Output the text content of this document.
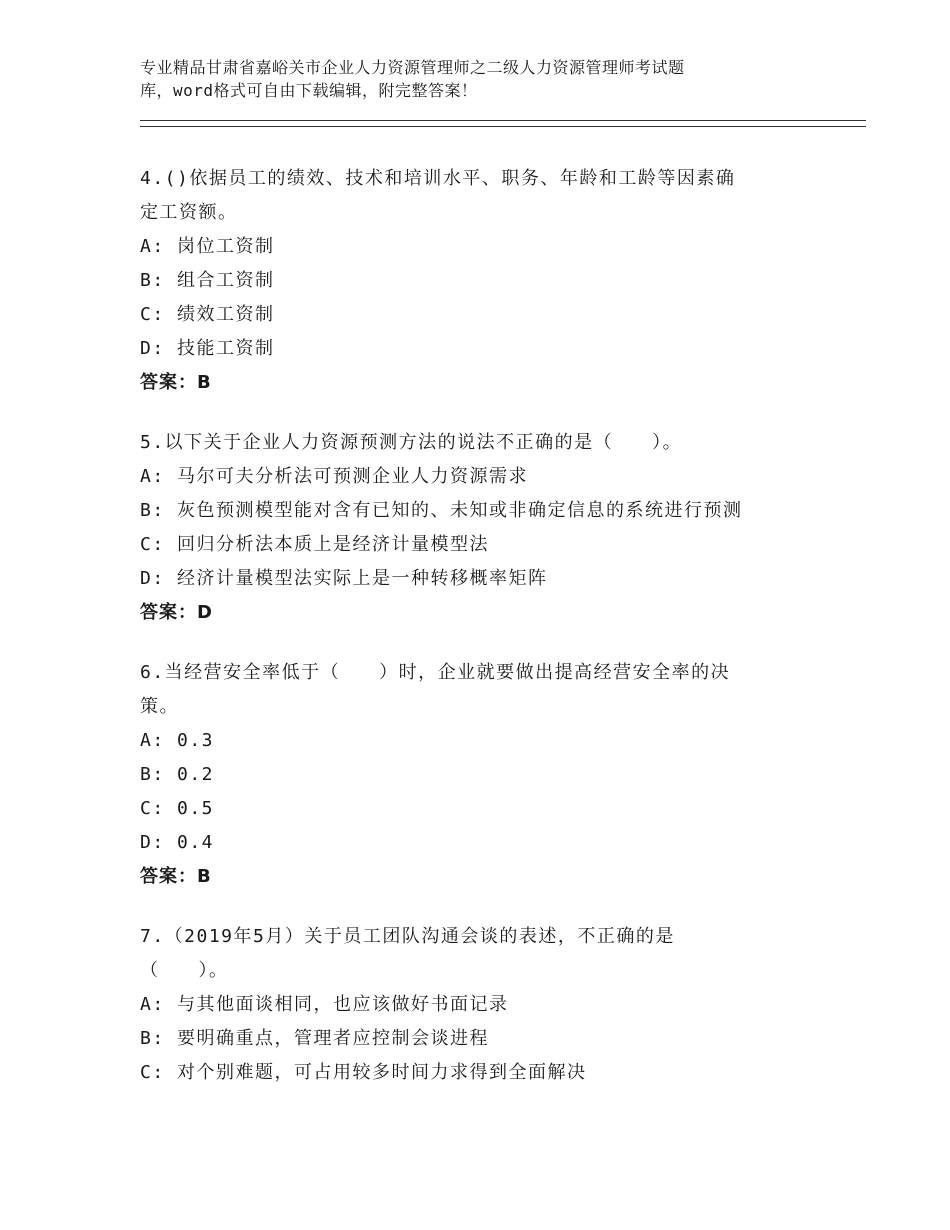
专业精品甘肃省嘉峪关市企业人力资源管理师之二级人力资源管理师考试题
库，word格式可自由下载编辑，附完整答案！
4.()依据员工的绩效、技术和培训水平、职务、年龄和工龄等因素确
定工资额。
A: 岗位工资制
B: 组合工资制
C: 绩效工资制
D: 技能工资制
答案：B
5.以下关于企业人力资源预测方法的说法不正确的是（　　）。
A: 马尔可夫分析法可预测企业人力资源需求
B: 灰色预测模型能对含有已知的、未知或非确定信息的系统进行预测
C: 回归分析法本质上是经济计量模型法
D: 经济计量模型法实际上是一种转移概率矩阵
答案：D
6.当经营安全率低于（　　）时，企业就要做出提高经营安全率的决
策。
A: 0.3
B: 0.2
C: 0.5
D: 0.4
答案：B
7.（2019年5月）关于员工团队沟通会谈的表述，不正确的是
（　　）。
A: 与其他面谈相同，也应该做好书面记录
B: 要明确重点，管理者应控制会谈进程
C: 对个别难题，可占用较多时间力求得到全面解决
